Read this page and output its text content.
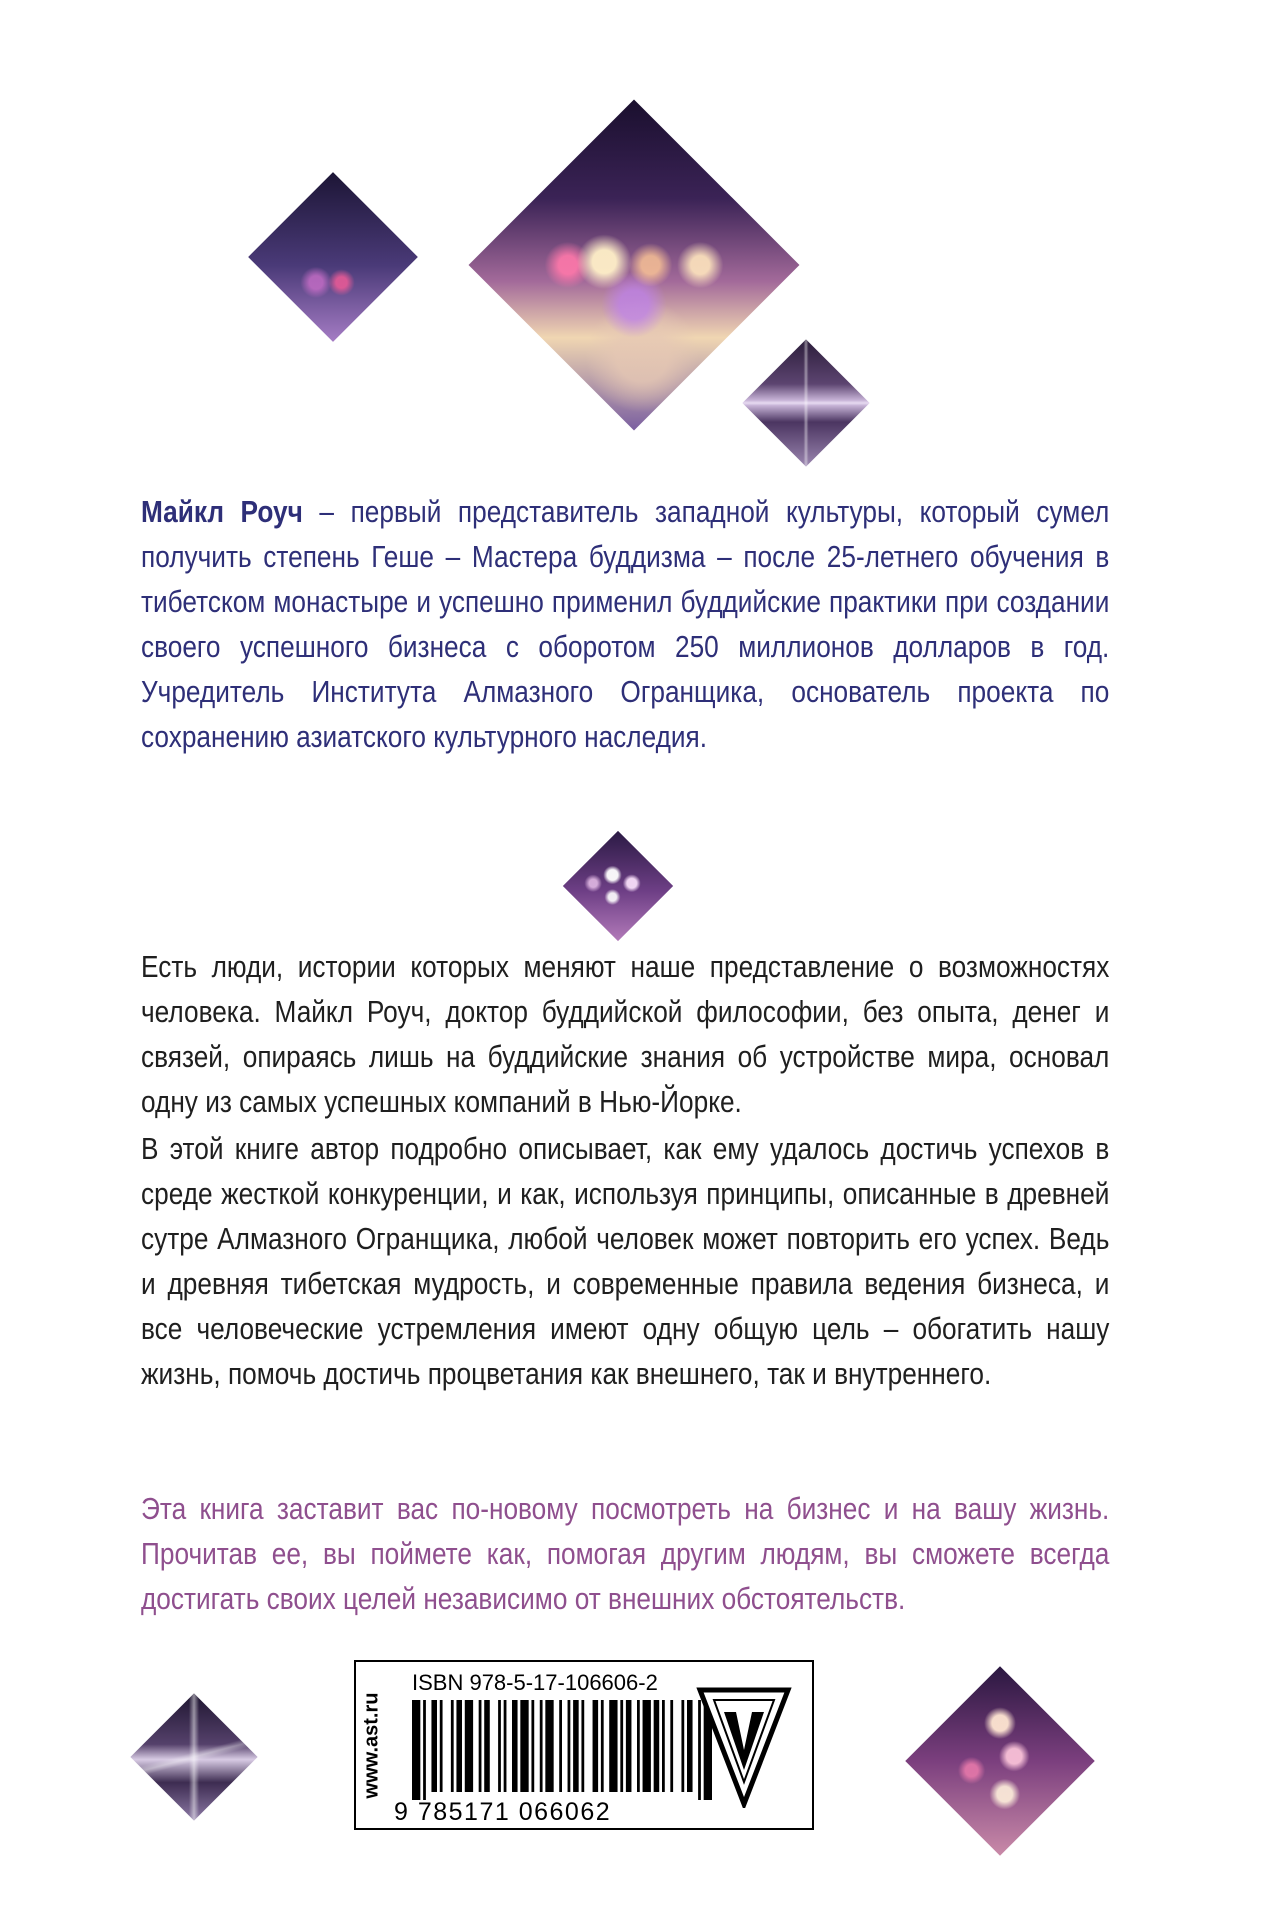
Майкл Роуч – первый представитель западной культуры, который сумел получить степень Геше – Мастера буддизма – после 25-летнего обучения в тибетском монастыре и успешно применил буддийские практики при создании своего успешного бизнеса с оборотом 250 миллионов долларов в год. Учредитель Института Алмазного Огранщика, основатель проекта по сохранению азиатского культурного наследия.

Есть люди, истории которых меняют наше представление о возможностях человека. Майкл Роуч, доктор буддийской философии, без опыта, денег и связей, опираясь лишь на буддийские знания об устройстве мира, основал одну из самых успешных компаний в Нью-Йорке.

В этой книге автор подробно описывает, как ему удалось достичь успехов в среде жесткой конкуренции, и как, используя принципы, описанные в древней сутре Алмазного Огранщика, любой человек может повторить его успех. Ведь и древняя тибетская мудрость, и современные правила ведения бизнеса, и все человеческие устремления имеют одну общую цель – обогатить нашу жизнь, помочь достичь процветания как внешнего, так и внутреннего.

Эта книга заставит вас по-новому посмотреть на бизнес и на вашу жизнь. Прочитав ее, вы поймете как, помогая другим людям, вы сможете всегда достигать своих целей независимо от внешних обстоятельств.

www.ast.ru
ISBN 978-5-17-106606-2
9 785171 066062
